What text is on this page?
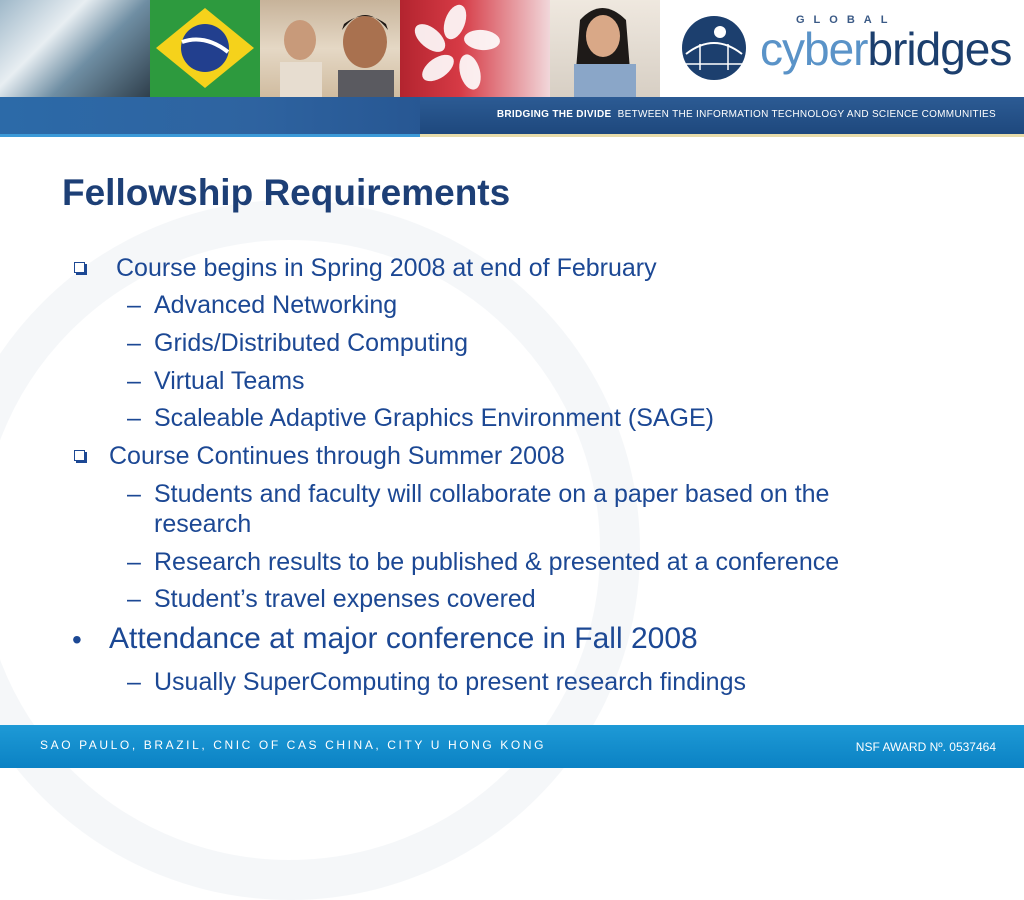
GLOBAL
cyberbridges
BRIDGING THE DIVIDE BETWEEN THE INFORMATION TECHNOLOGY AND SCIENCE COMMUNITIES
Fellowship Requirements
Course begins in Spring 2008 at end of February
– Advanced Networking
– Grids/Distributed Computing
– Virtual Teams
– Scaleable Adaptive Graphics Environment (SAGE)
Course Continues through Summer 2008
– Students and faculty will collaborate on a paper based on the
research
– Research results to be published & presented at a conference
– Student’s travel expenses covered
• Attendance at major conference in Fall 2008
– Usually SuperComputing to present research findings
SAO PAULO, BRAZIL, CNIC OF CAS CHINA, CITY U HONG KONG	NSF AWARD Nº. 0537464
